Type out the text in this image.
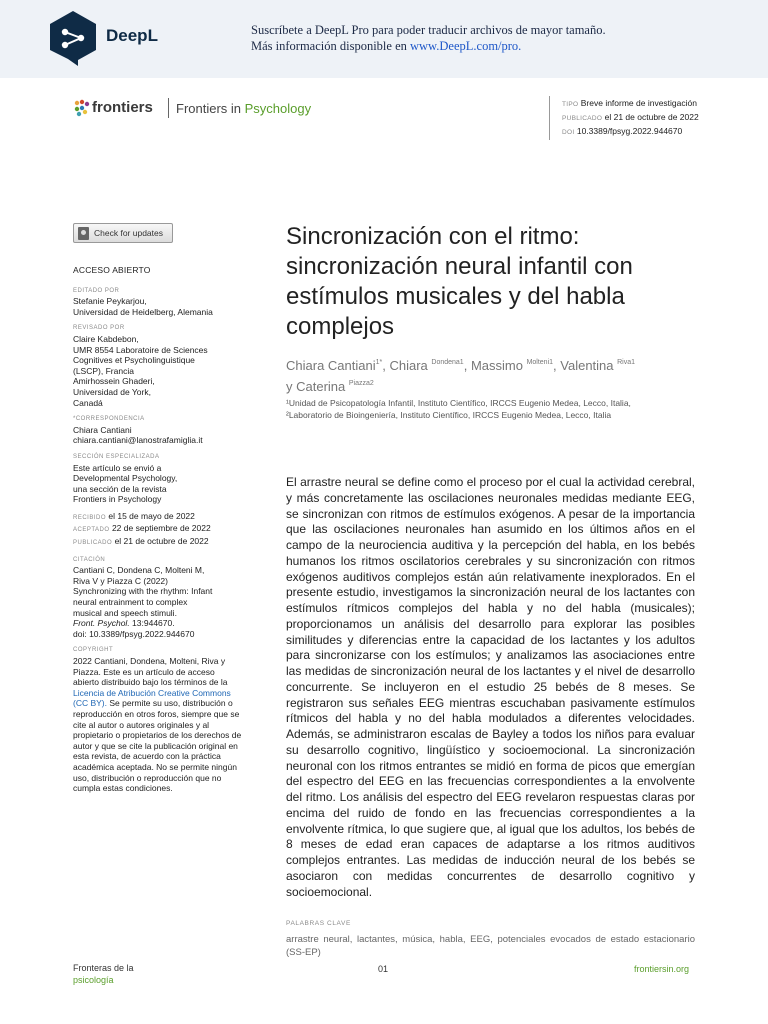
DeepL	Suscríbete a DeepL Pro para poder traducir archivos de mayor tamaño.
Más información disponible en www.DeepL.com/pro.
frontiers Frontiers in Psychology	TIPO Breve informe de investigación
PUBLICADO el 21 de octubre de 2022
DOI 10.3389/fpsyg.2022.944670
Check for updates
ACCESO ABIERTO
EDITADO POR
Stefanie Peykarjou,
Universidad de Heidelberg, Alemania
REVISADO POR
Claire Kabdebon,
UMR 8554 Laboratoire de Sciences
Cognitives et Psycholinguistique
(LSCP), Francia
Amirhossein Ghaderi,
Universidad de York,
Canadá
*CORRESPONDENCIA
Chiara Cantiani
chiara.cantiani@lanostrafamiglia.it
SECCIÓN ESPECIALIZADA
Este artículo se envió a
Developmental Psychology,
una sección de la revista
Frontiers in Psychology
RECIBIDO el 15 de mayo de 2022
ACEPTADO 22 de septiembre de 2022
PUBLICADO el 21 de octubre de 2022
CITACIÓN
Cantiani C, Dondena C, Molteni M,
Riva V y Piazza C (2022)
Synchronizing with the rhythm: Infant
neural entrainment to complex
musical and speech stimuli.
Front. Psychol. 13:944670.
doi: 10.3389/fpsyg.2022.944670
COPYRIGHT
2022 Cantiani, Dondena, Molteni, Riva y Piazza. Este es un artículo de acceso abierto distribuido bajo los términos de la Licencia de Atribución Creative Commons (CC BY). Se permite su uso, distribución o reproducción en otros foros, siempre que se cite al autor o autores originales y al propietario o propietarios de los derechos de autor y que se cite la publicación original en esta revista, de acuerdo con la práctica académica aceptada. No se permite ningún uso, distribución o reproducción que no cumpla estas condiciones.
Sincronización con el ritmo: sincronización neural infantil con estímulos musicales y del habla complejos
Chiara Cantiani$^{1*}$, Chiara $^{Dondena1}$, Massimo $^{Molteni1}$, Valentina $^{Riva1}$
y Caterina $^{Piazza2}$
¹Unidad de Psicopatología Infantil, Instituto Científico, IRCCS Eugenio Medea, Lecco, Italia,
²Laboratorio de Bioingeniería, Instituto Científico, IRCCS Eugenio Medea, Lecco, Italia

El arrastre neural se define como el proceso por el cual la actividad cerebral, y más concretamente las oscilaciones neuronales medidas mediante EEG, se sincronizan con ritmos de estímulos exógenos. A pesar de la importancia que las oscilaciones neuronales han asumido en los últimos años en el campo de la neurociencia auditiva y la percepción del habla, en los bebés humanos los ritmos oscilatorios cerebrales y su sincronización con ritmos exógenos auditivos complejos están aún relativamente inexplorados. En el presente estudio, investigamos la sincronización neural de los lactantes con estímulos rítmicos complejos del habla y no del habla (musicales); proporcionamos un análisis del desarrollo para explorar las posibles similitudes y diferencias entre la capacidad de los lactantes y los adultos para sincronizarse con los estímulos; y analizamos las asociaciones entre las medidas de sincronización neural de los lactantes y el nivel de desarrollo concurrente. Se incluyeron en el estudio 25 bebés de 8 meses. Se registraron sus señales EEG mientras escuchaban pasivamente estímulos rítmicos del habla y no del habla modulados a diferentes velocidades. Además, se administraron escalas de Bayley a todos los niños para evaluar su desarrollo cognitivo, lingüístico y socioemocional. La sincronización neuronal con los ritmos entrantes se midió en forma de picos que emergían del espectro del EEG en las frecuencias correspondientes a la envolvente del ritmo. Los análisis del espectro del EEG revelaron respuestas claras por encima del ruido de fondo en las frecuencias correspondientes a la envolvente rítmica, lo que sugiere que, al igual que los adultos, los bebés de 8 meses de edad eran capaces de adaptarse a los ritmos auditivos complejos entrantes. Las medidas de inducción neural de los bebés se asociaron con medidas concurrentes de desarrollo cognitivo y socioemocional.

PALABRAS CLAVE
arrastre neural, lactantes, música, habla, EEG, potenciales evocados de estado estacionario (SS-EP)
Fronteras de la
psicología
01	frontiersin.org
